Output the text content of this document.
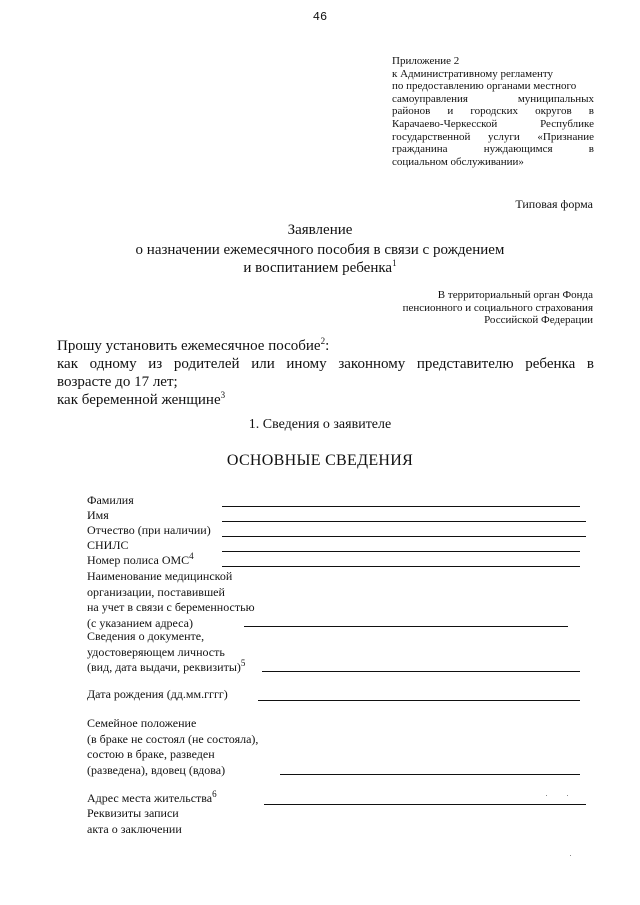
46
Приложение 2
к Административному регламенту
по предоставлению органами местного
самоуправления муниципальных
районов и городских округов в
Карачаево-Черкесской Республике
государственной услуги «Признание
гражданина нуждающимся в
социальном обслуживании»
Типовая форма
Заявление
о назначении ежемесячного пособия в связи с рождением
и воспитанием ребенка$^1$
В территориальный орган Фонда
пенсионного и социального страхования
Российской Федерации
Прошу установить ежемесячное пособие$^2$:
как одному из родителей или иному законному представителю ребенка в
возрасте до 17 лет;
как беременной женщине$^3$
1. Сведения о заявителе
ОСНОВНЫЕ СВЕДЕНИЯ
Фамилия
Имя
Отчество (при наличии)
СНИЛС
Номер полиса ОМС$^4$
Наименование медицинской
организации, поставившей
на учет в связи с беременностью
(с указанием адреса)
Сведения о документе,
удостоверяющем личность
(вид, дата выдачи, реквизиты)$^5$
Дата рождения (дд.мм.гггг)
Семейное положение
(в браке не состоял (не состояла),
состою в браке, разведен
(разведена), вдовец (вдова)
Адрес места жительства$^6$
Реквизиты записи
акта о заключении
